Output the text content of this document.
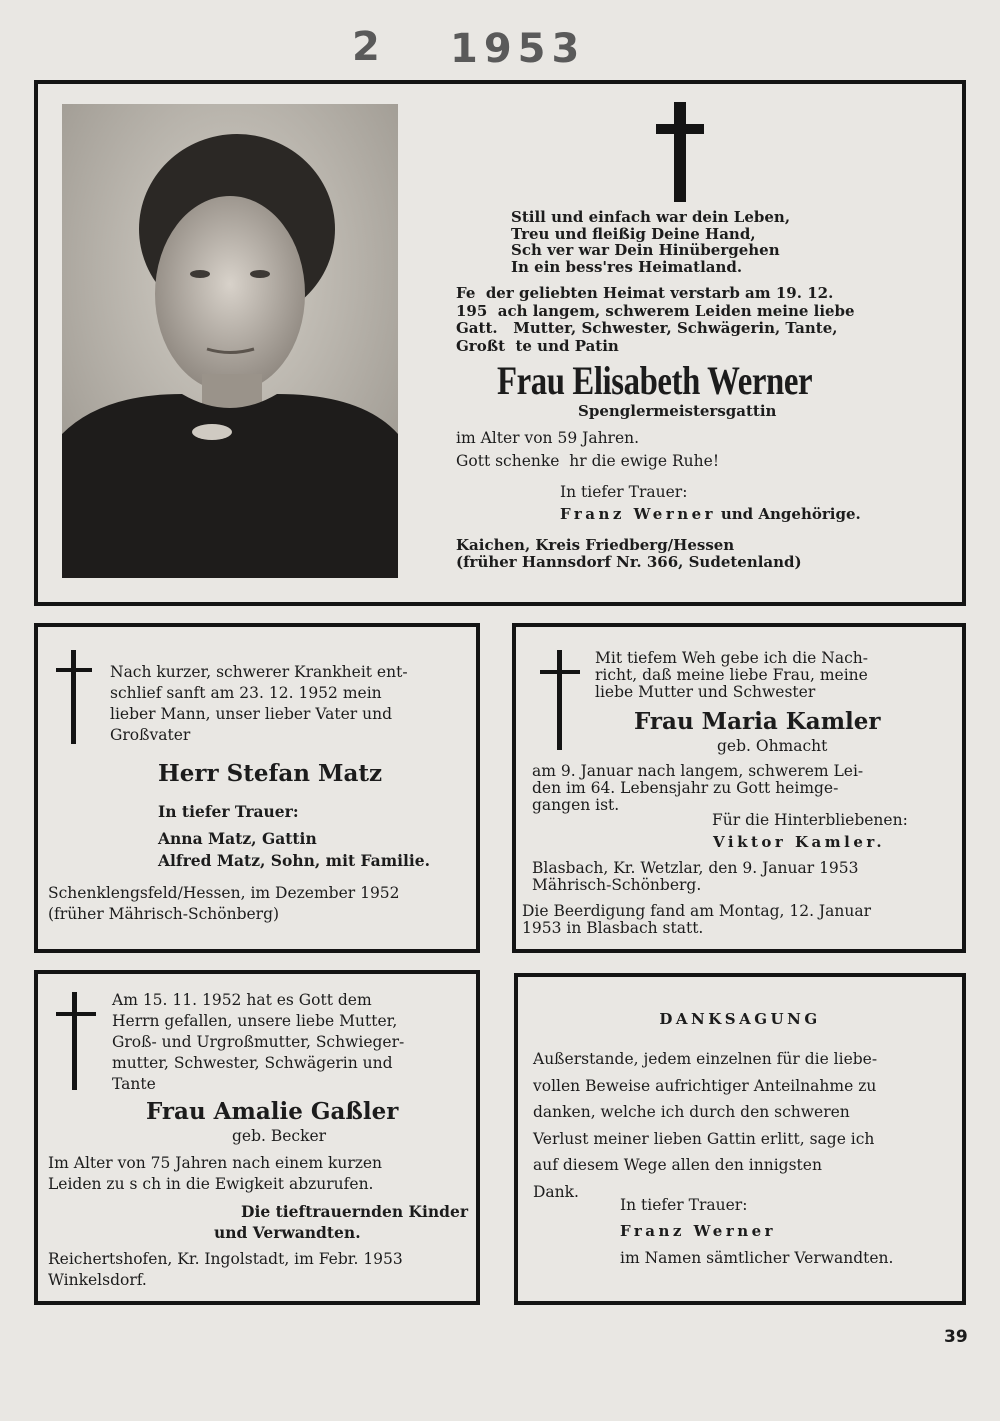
2 1953
Still und einfach war dein Leben,
Treu und fleißig Deine Hand,
Sch ver war Dein Hinübergehen
In ein bess'res Heimatland.
Fe  der geliebten Heimat verstarb am 19. 12.
195  ach langem, schwerem Leiden meine liebe
Gatt.   Mutter, Schwester, Schwägerin, Tante,
Großt  te und Patin
Frau Elisabeth Werner
Spenglermeistersgattin
im Alter von 59 Jahren.
Gott schenke  hr die ewige Ruhe!
In tiefer Trauer:
Franz Werner und Angehörige.
Kaichen, Kreis Friedberg/Hessen
(früher Hannsdorf Nr. 366, Sudetenland)
Nach kurzer, schwerer Krankheit ent-
schlief sanft am 23. 12. 1952 mein
lieber Mann, unser lieber Vater und
Großvater
Herr Stefan Matz
In tiefer Trauer:
Anna Matz, Gattin
Alfred Matz, Sohn, mit Familie.
Schenklengsfeld/Hessen, im Dezember 1952
(früher Mährisch-Schönberg)
Mit tiefem Weh gebe ich die Nach-
richt, daß meine liebe Frau, meine
liebe Mutter und Schwester
Frau Maria Kamler
geb. Ohmacht
am 9. Januar nach langem, schwerem Lei-
den im 64. Lebensjahr zu Gott heimge-
gangen ist.
Für die Hinterbliebenen:
Viktor Kamler.
Blasbach, Kr. Wetzlar, den 9. Januar 1953
Mährisch-Schönberg.
Die Beerdigung fand am Montag, 12. Januar
1953 in Blasbach statt.
Am 15. 11. 1952 hat es Gott dem
Herrn gefallen, unsere liebe Mutter,
Groß- und Urgroßmutter, Schwieger-
mutter, Schwester, Schwägerin und
Tante
Frau Amalie Gaßler
geb. Becker
Im Alter von 75 Jahren nach einem kurzen
Leiden zu s ch in die Ewigkeit abzurufen.
Die tieftrauernden Kinder
und Verwandten.
Reichertshofen, Kr. Ingolstadt, im Febr. 1953
Winkelsdorf.
DANKSAGUNG
Außerstande, jedem einzelnen für die liebe-
vollen Beweise aufrichtiger Anteilnahme zu
danken, welche ich durch den schweren
Verlust meiner lieben Gattin erlitt, sage ich
auf diesem Wege allen den innigsten
Dank.
In tiefer Trauer:
Franz Werner
im Namen sämtlicher Verwandten.
39
